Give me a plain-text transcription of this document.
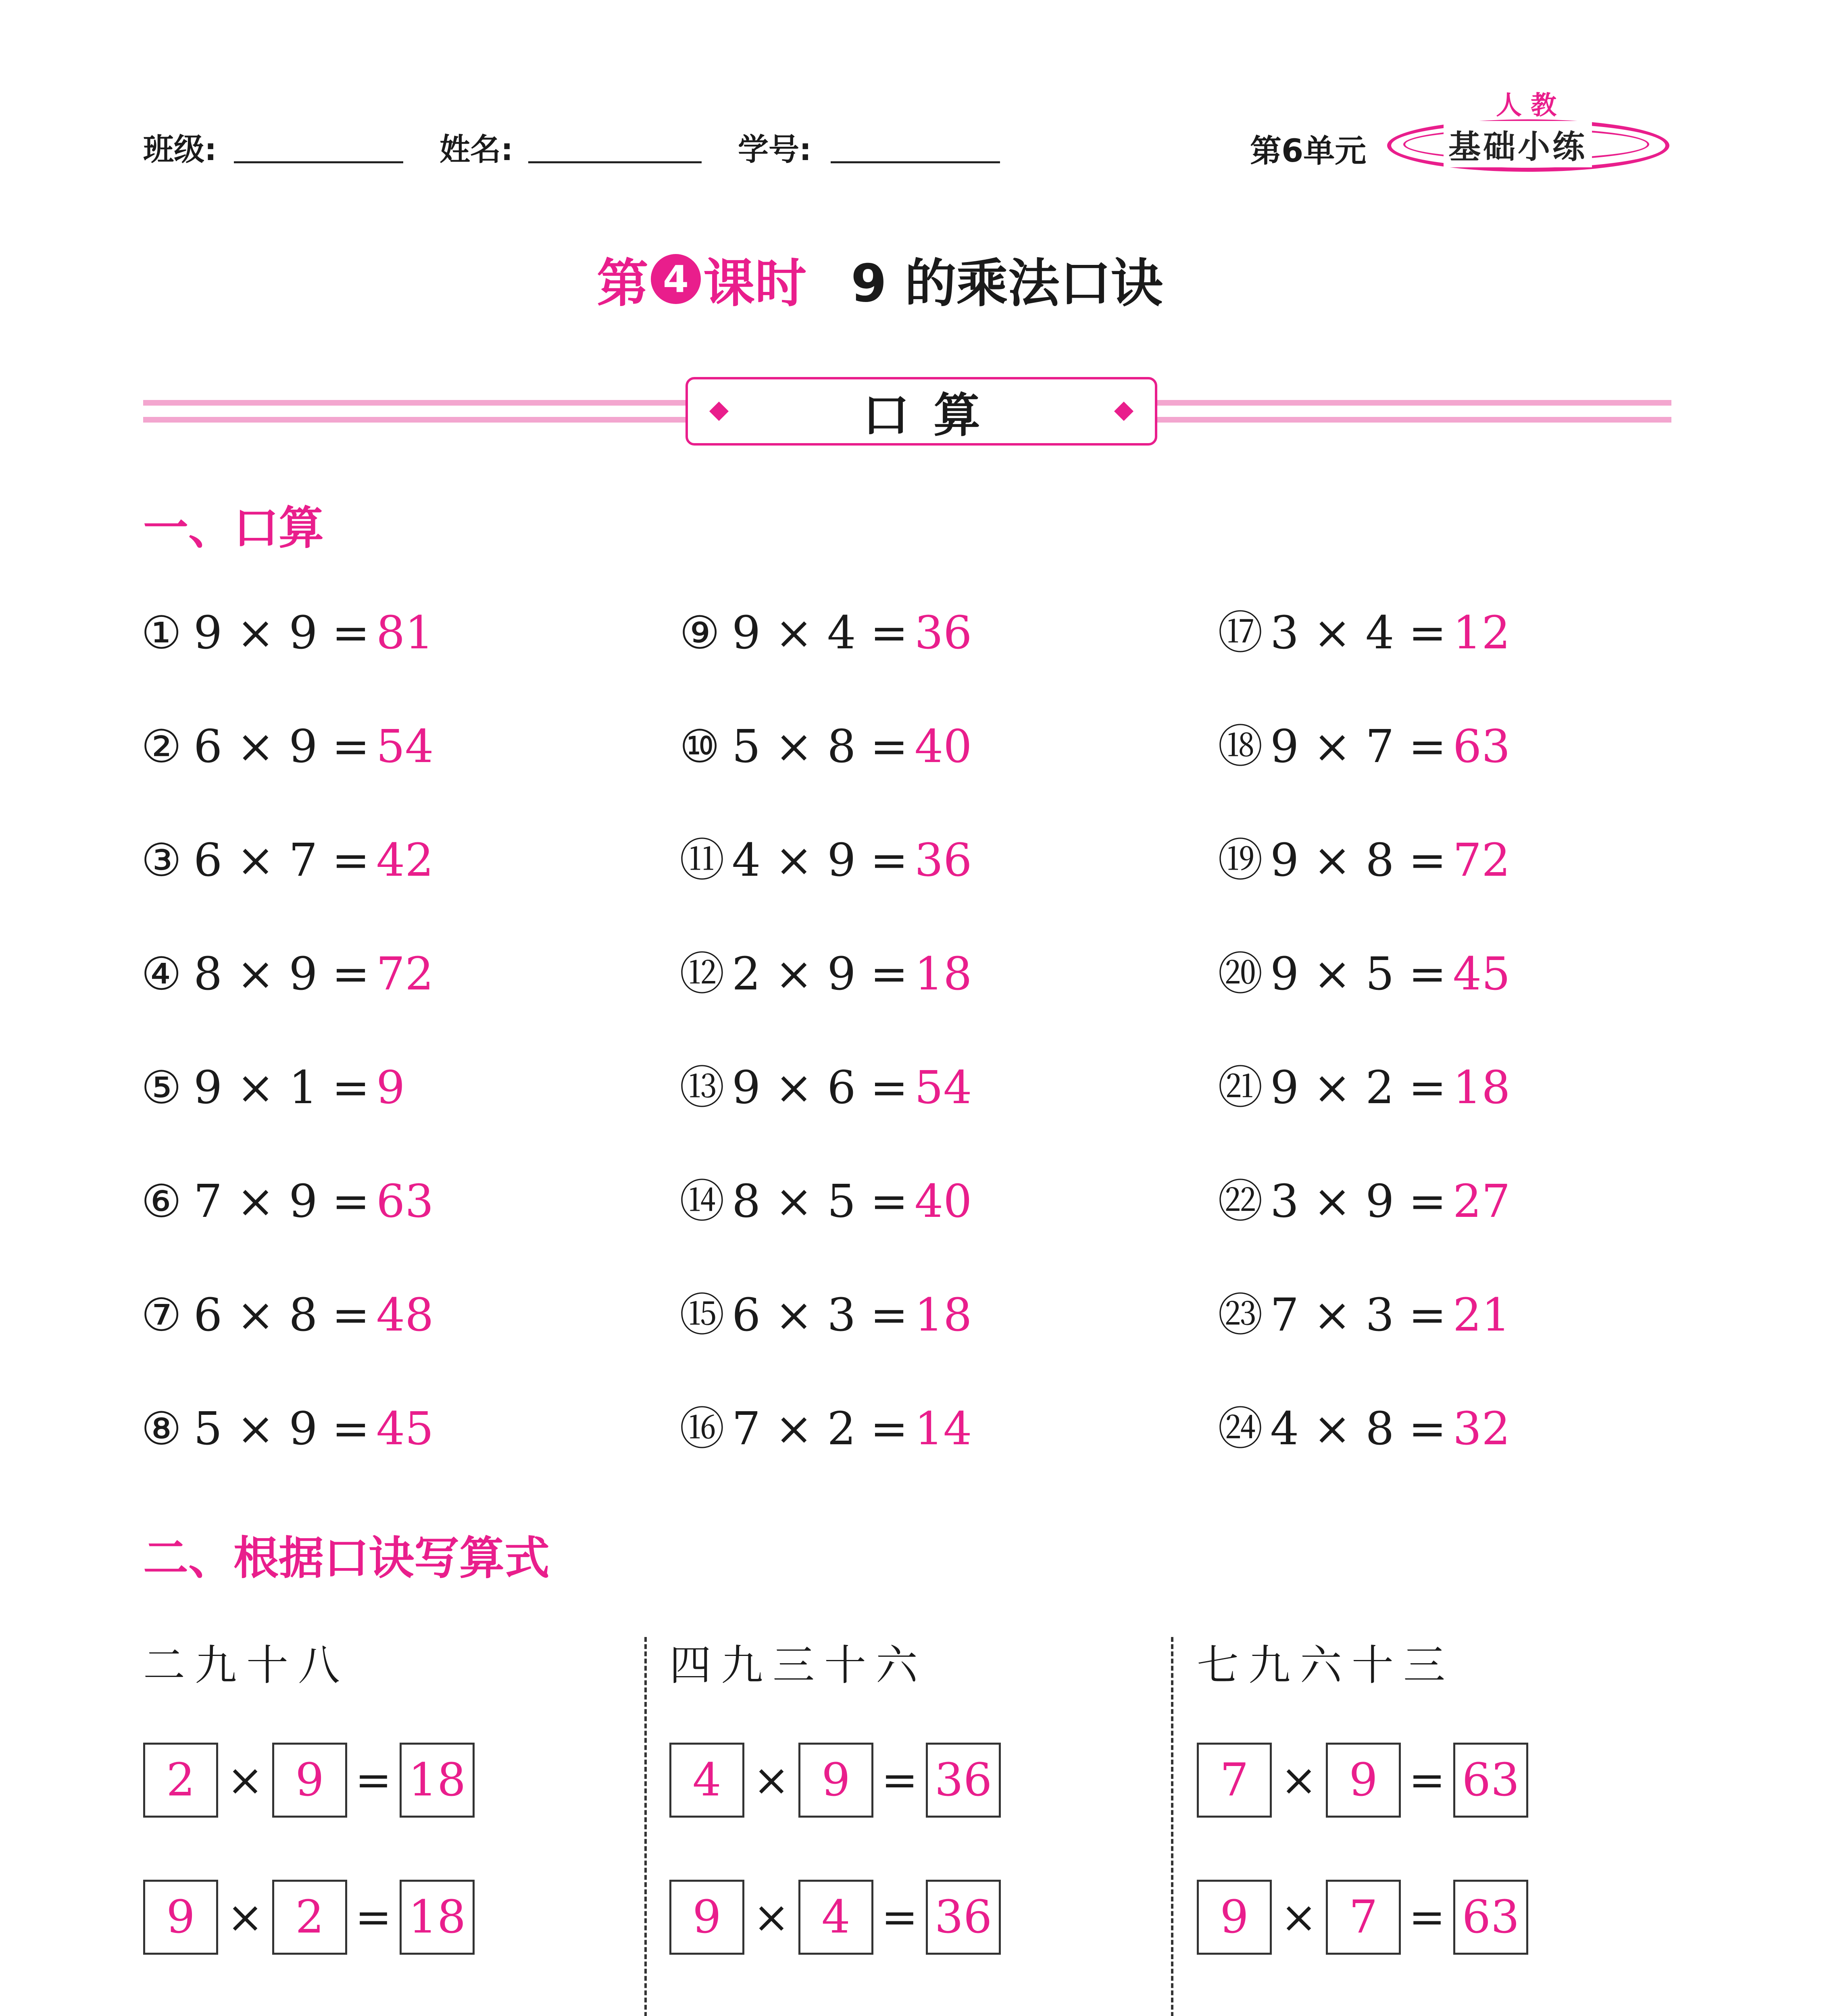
班级:	姓名:	学号:	第6单元
人教
基础小练
第 4 课时 9 的乘法口诀
口算
一、口算
① 9 × 9 = 81
② 6 × 9 = 54
③ 6 × 7 = 42
④ 8 × 9 = 72
⑤ 9 × 1 = 9
⑥ 7 × 9 = 63
⑦ 6 × 8 = 48
⑧ 5 × 9 = 45
⑨ 9 × 4 = 36
⑩ 5 × 8 = 40
⑪ 4 × 9 = 36
⑫ 2 × 9 = 18
⑬ 9 × 6 = 54
⑭ 8 × 5 = 40
⑮ 6 × 3 = 18
⑯ 7 × 2 = 14
⑰ 3 × 4 = 12
⑱ 9 × 7 = 63
⑲ 9 × 8 = 72
⑳ 9 × 5 = 45
㉑ 9 × 2 = 18
㉒ 3 × 9 = 27
㉓ 7 × 3 = 21
㉔ 4 × 8 = 32
二、根据口诀写算式
二九十八
2 × 9 = 18
9 × 2 = 18
四九三十六
4 × 9 = 36
9 × 4 = 36
七九六十三
7 × 9 = 63
9 × 7 = 63
